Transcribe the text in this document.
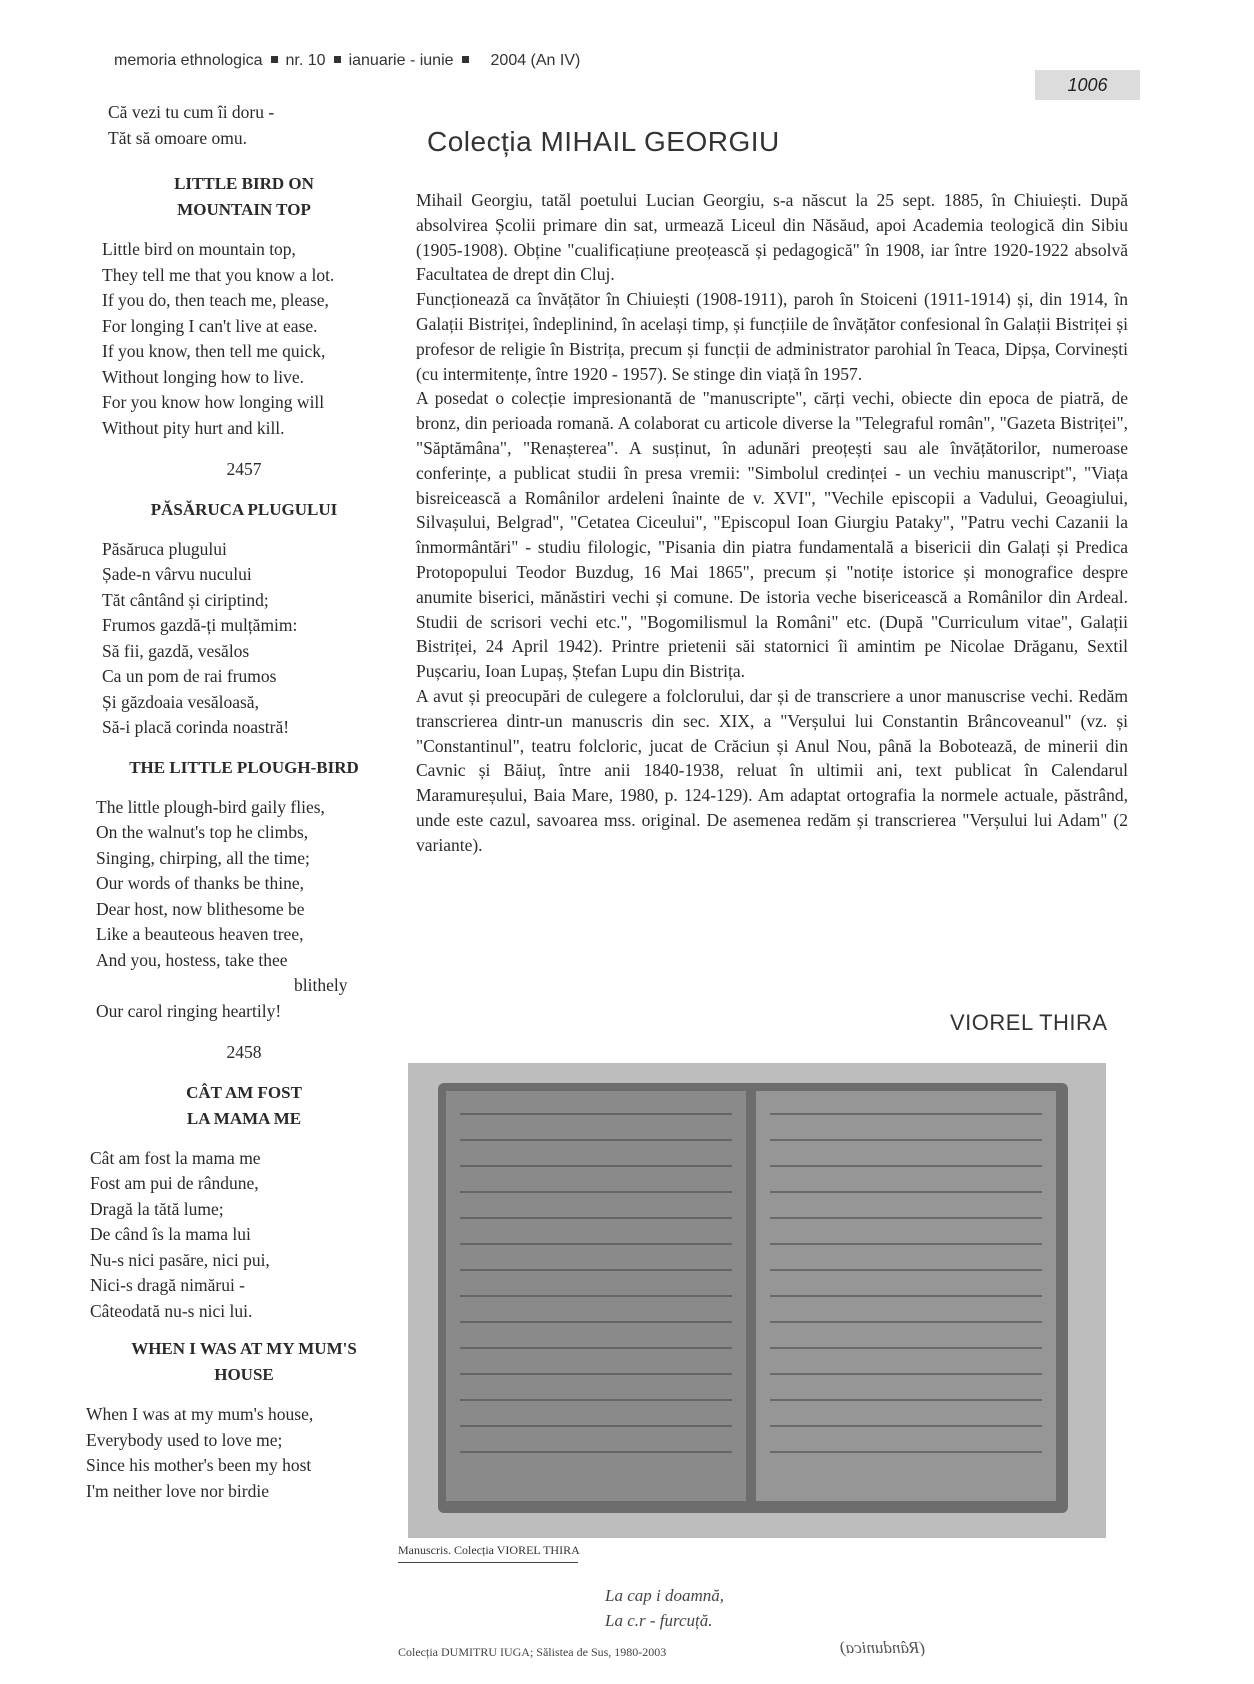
memoria ethnologica nr. 10 ianuarie - iunie 2004 (An IV)
1006
Că vezi tu cum îi doru -
Tăt să omoare omu.
LITTLE BIRD ON
MOUNTAIN TOP
Little bird on mountain top,
They tell me that you know a lot.
If you do, then teach me, please,
For longing I can't live at ease.
If you know, then tell me quick,
Without longing how to live.
For you know how longing will
Without pity hurt and kill.
2457
PĂSĂRUCA PLUGULUI
Păsăruca plugului
Șade-n vârvu nucului
Tăt cântând și ciriptind;
Frumos gazdă-ți mulțămim:
Să fii, gazdă, vesălos
Ca un pom de rai frumos
Și găzdoaia vesăloasă,
Să-i placă corinda noastră!
THE LITTLE PLOUGH-BIRD
The little plough-bird gaily flies,
On the walnut's top he climbs,
Singing, chirping, all the time;
Our words of thanks be thine,
Dear host, now blithesome be
Like a beauteous heaven tree,
And you, hostess, take thee
blithely
Our carol ringing heartily!
2458
CÂT AM FOST
LA MAMA ME
Cât am fost la mama me
Fost am pui de rândune,
Dragă la tătă lume;
De când îs la mama lui
Nu-s nici pasăre, nici pui,
Nici-s dragă nimărui -
Câteodată nu-s nici lui.
WHEN I WAS AT MY MUM'S
HOUSE
When I was at my mum's house,
Everybody used to love me;
Since his mother's been my host
I'm neither love nor birdie
Colecția MIHAIL GEORGIU

Mihail Georgiu, tatăl poetului Lucian Georgiu, s-a născut la 25 sept. 1885, în Chiuiești. După absolvirea Școlii primare din sat, urmează Liceul din Năsăud, apoi Academia teologică din Sibiu (1905-1908). Obține "cualificațiune preoțească și pedagogică" în 1908, iar între 1920-1922 absolvă Facultatea de drept din Cluj.

Funcționează ca învățător în Chiuiești (1908-1911), paroh în Stoiceni (1911-1914) și, din 1914, în Galații Bistriței, îndeplinind, în același timp, și funcțiile de învățător confesional în Galații Bistriței și profesor de religie în Bistrița, precum și funcții de administrator parohial în Teaca, Dipșa, Corvinești (cu intermitențe, între 1920 - 1957). Se stinge din viață în 1957.

A posedat o colecție impresionantă de "manuscripte", cărți vechi, obiecte din epoca de piatră, de bronz, din perioada romană. A colaborat cu articole diverse la "Telegraful român", "Gazeta Bistriței", "Săptămâna", "Renașterea". A susținut, în adunări preoțești sau ale învățătorilor, numeroase conferințe, a publicat studii în presa vremii: "Simbolul credinței - un vechiu manuscript", "Viața bisreicească a Românilor ardeleni înainte de v. XVI", "Vechile episcopii a Vadului, Geoagiului, Silvașului, Belgrad", "Cetatea Ciceului", "Episcopul Ioan Giurgiu Pataky", "Patru vechi Cazanii la înmormântări" - studiu filologic, "Pisania din piatra fundamentală a bisericii din Galați și Predica Protopopului Teodor Buzdug, 16 Mai 1865", precum și "notițe istorice și monografice despre anumite biserici, mănăstiri vechi și comune. De istoria veche bisericească a Românilor din Ardeal. Studii de scrisori vechi etc.", "Bogomilismul la Români" etc. (După "Curriculum vitae", Galații Bistriței, 24 April 1942). Printre prietenii săi statornici îi amintim pe Nicolae Drăganu, Sextil Pușcariu, Ioan Lupaș, Ștefan Lupu din Bistrița.

A avut și preocupări de culegere a folclorului, dar și de transcriere a unor manuscrise vechi. Redăm transcrierea dintr-un manuscris din sec. XIX, a "Verșului lui Constantin Brâncoveanul" (vz. și "Constantinul", teatru folcloric, jucat de Crăciun și Anul Nou, până la Bobotează, de minerii din Cavnic și Băiuț, între anii 1840-1938, reluat în ultimii ani, text publicat în Calendarul Maramureșului, Baia Mare, 1980, p. 124-129). Am adaptat ortografia la normele actuale, păstrând, unde este cazul, savoarea mss. original. De asemenea redăm și transcrierea "Verșului lui Adam" (2 variante).

VIOREL THIRA
Manuscris. Colecția VIOREL THIRA
La cap i doamnă,
La c.r - furcuță.
Colecția DUMITRU IUGA; Sălistea de Sus, 1980-2003	(Rândunica)
